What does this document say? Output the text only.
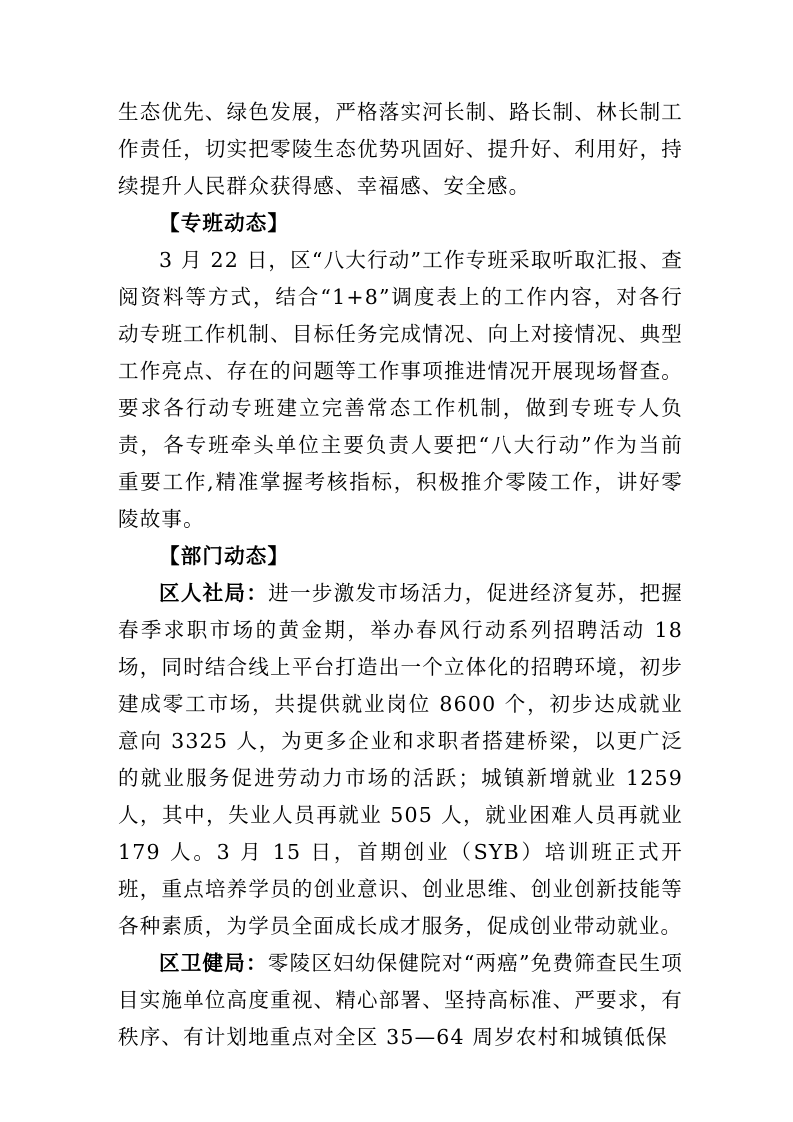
生态优先、绿色发展，严格落实河长制、路长制、林长制工作责任，切实把零陵生态优势巩固好、提升好、利用好，持续提升人民群众获得感、幸福感、安全感。

【专班动态】

3 月 22 日，区“八大行动”工作专班采取听取汇报、查阅资料等方式，结合“1+8”调度表上的工作内容，对各行动专班工作机制、目标任务完成情况、向上对接情况、典型工作亮点、存在的问题等工作事项推进情况开展现场督查。要求各行动专班建立完善常态工作机制，做到专班专人负责，各专班牵头单位主要负责人要把“八大行动”作为当前重要工作,精准掌握考核指标，积极推介零陵工作，讲好零陵故事。

【部门动态】

区人社局：进一步激发市场活力，促进经济复苏，把握春季求职市场的黄金期，举办春风行动系列招聘活动 18 场，同时结合线上平台打造出一个立体化的招聘环境，初步建成零工市场，共提供就业岗位 8600 个，初步达成就业意向 3325 人，为更多企业和求职者搭建桥梁，以更广泛的就业服务促进劳动力市场的活跃；城镇新增就业 1259 人，其中，失业人员再就业 505 人，就业困难人员再就业 179 人。3 月 15 日，首期创业（SYB）培训班正式开班，重点培养学员的创业意识、创业思维、创业创新技能等各种素质，为学员全面成长成才服务，促成创业带动就业。

区卫健局：零陵区妇幼保健院对“两癌”免费筛查民生项目实施单位高度重视、精心部署、坚持高标准、严要求，有秩序、有计划地重点对全区 35—64 周岁农村和城镇低保
